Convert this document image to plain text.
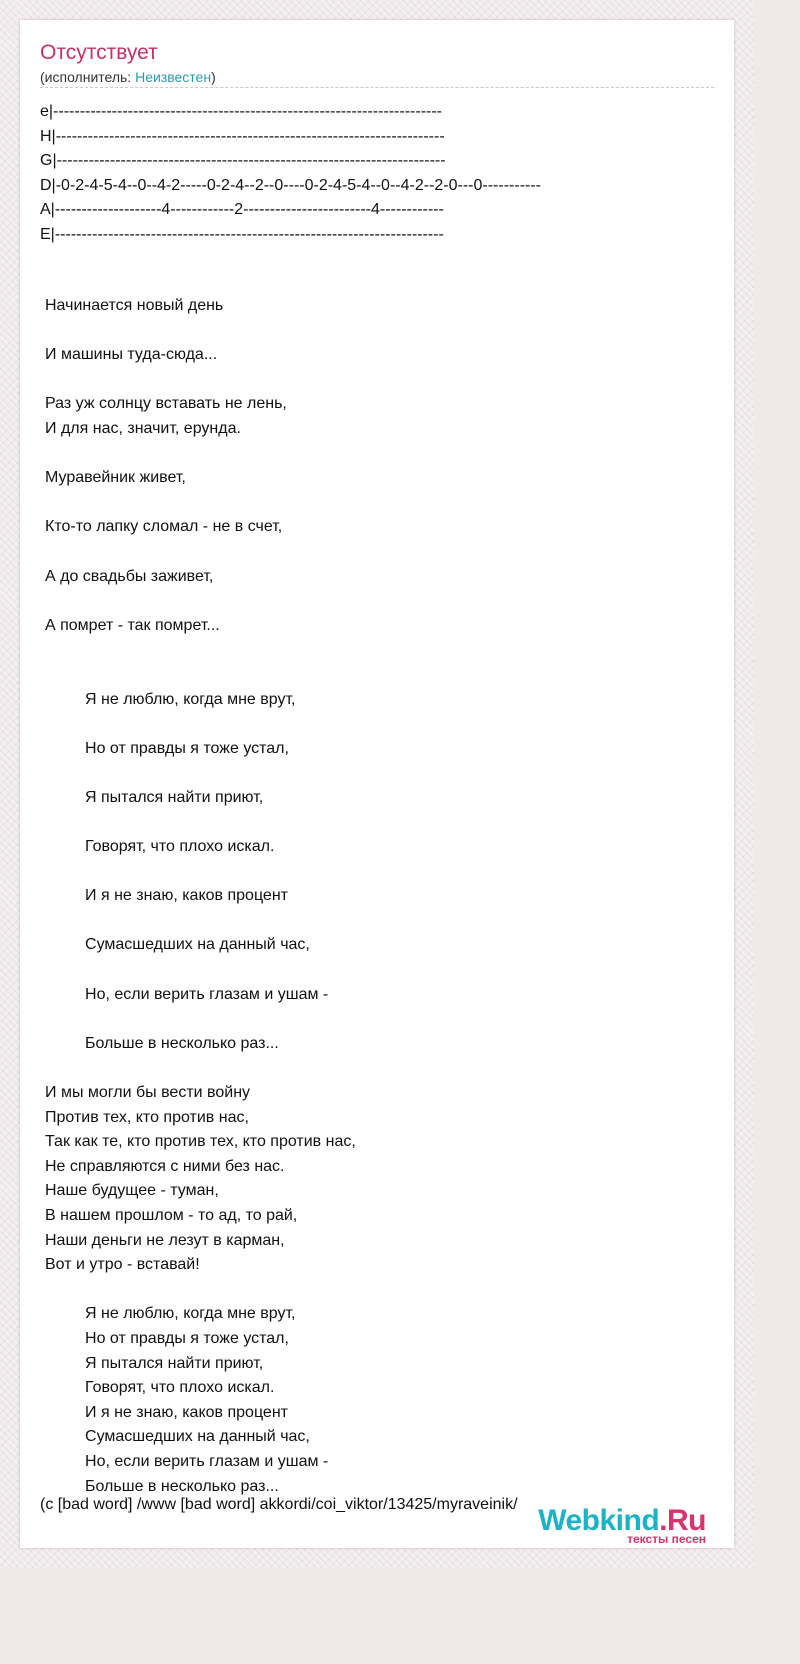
Отсутствует
(исполнитель: Неизвестен)
e|-------------------------------------------------------------------------
H|-------------------------------------------------------------------------
G|-------------------------------------------------------------------------
D|-0-2-4-5-4--0--4-2-----0-2-4--2--0----0-2-4-5-4--0--4-2--2-0---0-----------
A|--------------------4------------2------------------------4------------
E|-------------------------------------------------------------------------
Начинается новый день

И машины туда-сюда...

Раз уж солнцу вставать не лень,
И для нас, значит, ерунда.

Муравейник живет,

Кто-то лапку сломал - не в счет,

А до свадьбы заживет,

А помрет - так помрет...

Я не люблю, когда мне врут,

Но от правды я тоже устал,

Я пытался найти приют,

Говорят, что плохо искал.

И я не знаю, каков процент

Сумасшедших на данный час,

Но, если верить глазам и ушам -

Больше в несколько раз...

И мы могли бы вести войну
Против тех, кто против нас,
Так как те, кто против тех, кто против нас,
Не справляются с ними без нас.
Наше будущее - туман,
В нашем прошлом - то ад, то рай,
Наши деньги не лезут в карман,
Вот и утро - вставай!

Я не люблю, когда мне врут,
Но от правды я тоже устал,
Я пытался найти приют,
Говорят, что плохо искал.
И я не знаю, каков процент
Сумасшедших на данный час,
Но, если верить глазам и ушам -
Больше в несколько раз...

(c [bad word] /www [bad word] akkordi/coi_viktor/13425/myraveinik/ Webkind.Ru
тексты песен
